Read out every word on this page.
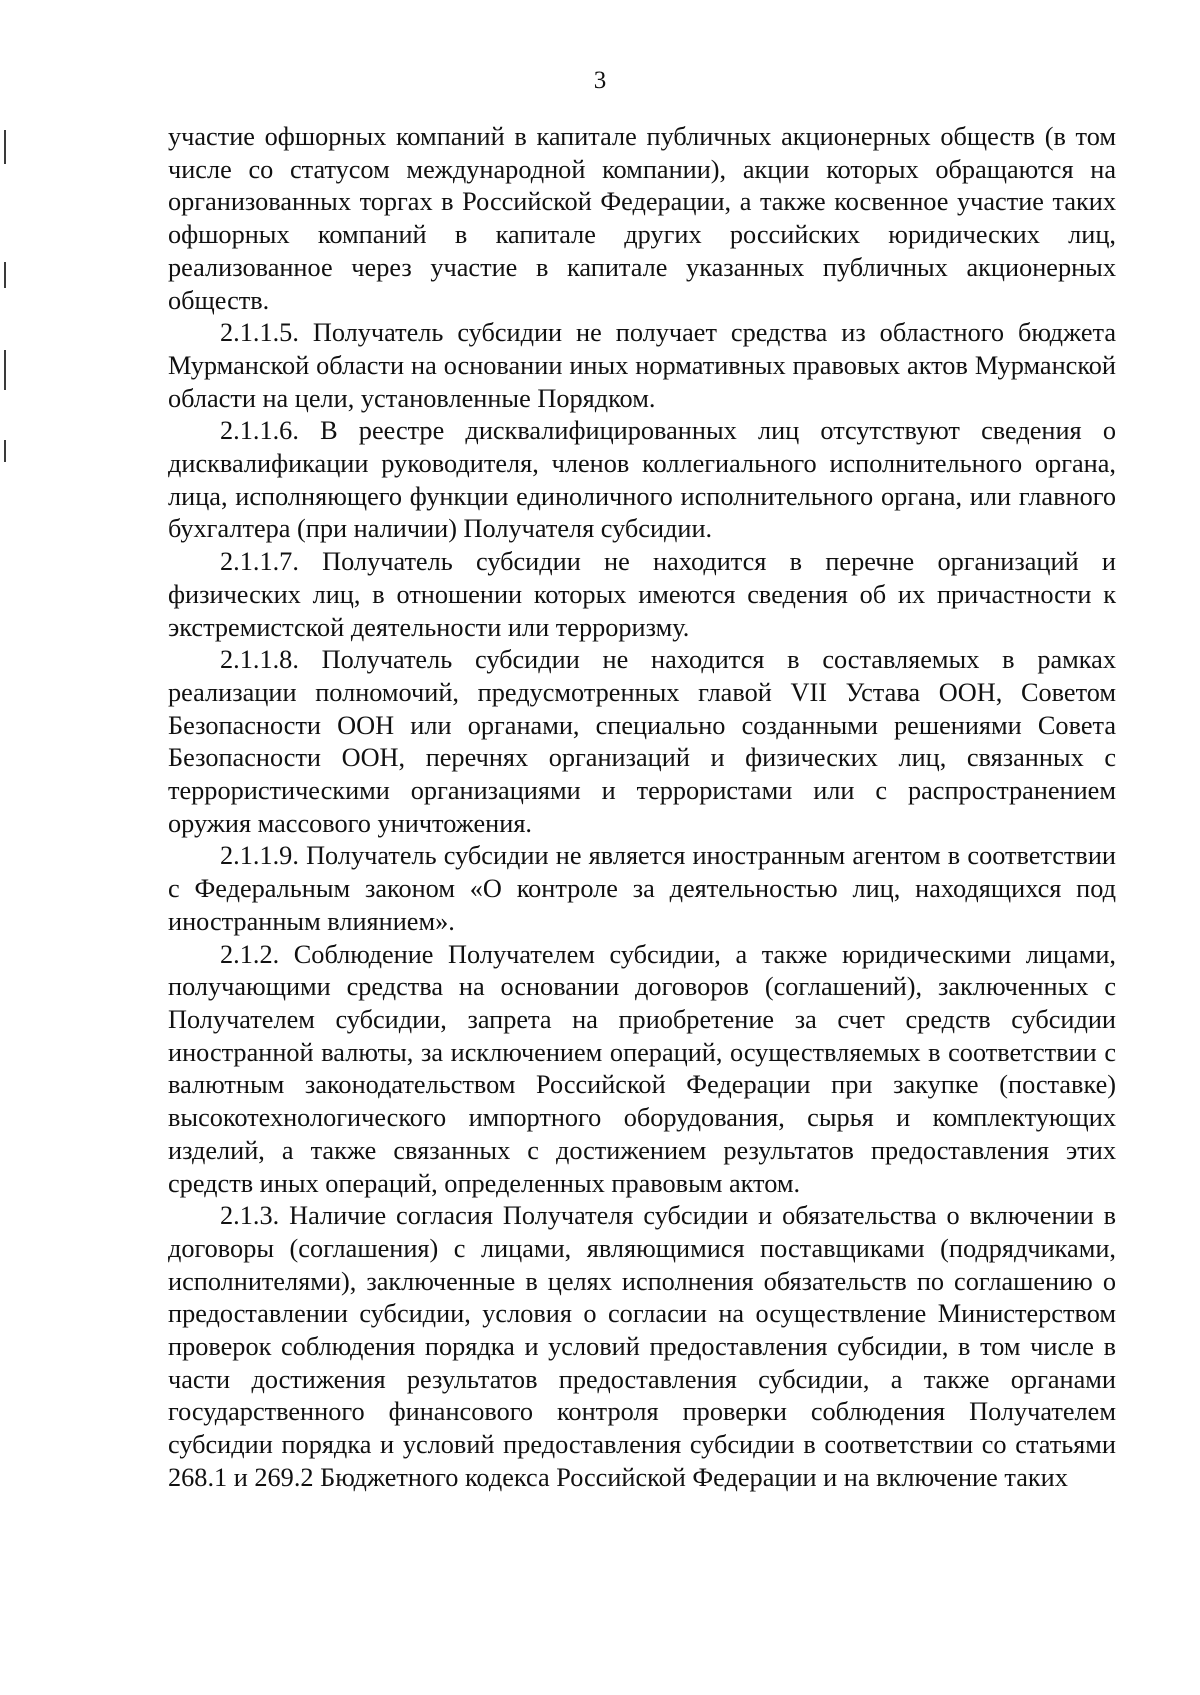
3

участие офшорных компаний в капитале публичных акционерных обществ (в том числе со статусом международной компании), акции которых обращаются на организованных торгах в Российской Федерации, а также косвенное участие таких офшорных компаний в капитале других российских юридических лиц, реализованное через участие в капитале указанных публичных акционерных обществ.

2.1.1.5. Получатель субсидии не получает средства из областного бюджета Мурманской области на основании иных нормативных правовых актов Мурманской области на цели, установленные Порядком.

2.1.1.6. В реестре дисквалифицированных лиц отсутствуют сведения о дисквалификации руководителя, членов коллегиального исполнительного органа, лица, исполняющего функции единоличного исполнительного органа, или главного бухгалтера (при наличии) Получателя субсидии.

2.1.1.7. Получатель субсидии не находится в перечне организаций и физических лиц, в отношении которых имеются сведения об их причастности к экстремистской деятельности или терроризму.

2.1.1.8. Получатель субсидии не находится в составляемых в рамках реализации полномочий, предусмотренных главой VII Устава ООН, Советом Безопасности ООН или органами, специально созданными решениями Совета Безопасности ООН, перечнях организаций и физических лиц, связанных с террористическими организациями и террористами или с распространением оружия массового уничтожения.

2.1.1.9. Получатель субсидии не является иностранным агентом в соответствии с Федеральным законом «О контроле за деятельностью лиц, находящихся под иностранным влиянием».

2.1.2. Соблюдение Получателем субсидии, а также юридическими лицами, получающими средства на основании договоров (соглашений), заключенных с Получателем субсидии, запрета на приобретение за счет средств субсидии иностранной валюты, за исключением операций, осуществляемых в соответствии с валютным законодательством Российской Федерации при закупке (поставке) высокотехнологического импортного оборудования, сырья и комплектующих изделий, а также связанных с достижением результатов предоставления этих средств иных операций, определенных правовым актом.

2.1.3. Наличие согласия Получателя субсидии и обязательства о включении в договоры (соглашения) с лицами, являющимися поставщиками (подрядчиками, исполнителями), заключенные в целях исполнения обязательств по соглашению о предоставлении субсидии, условия о согласии на осуществление Министерством проверок соблюдения порядка и условий предоставления субсидии, в том числе в части достижения результатов предоставления субсидии, а также органами государственного финансового контроля проверки соблюдения Получателем субсидии порядка и условий предоставления субсидии в соответствии со статьями 268.1 и 269.2 Бюджетного кодекса Российской Федерации и на включение таких
